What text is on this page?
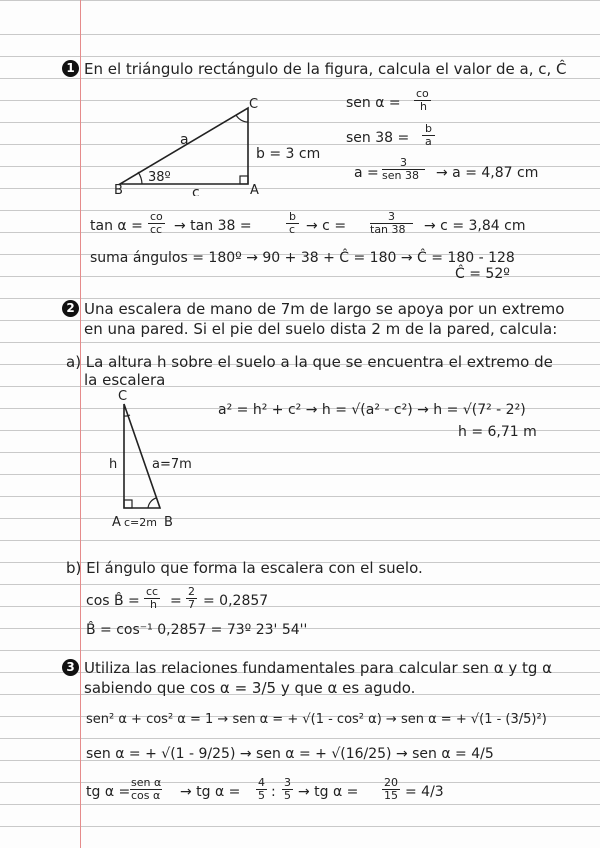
1 En el triángulo rectángulo de la figura, calcula el valor de a, c, Ĉ
C
B	A
a
b = 3 cm
c
38º
sen α =
co
h
sen 38 =
b
a
a =
3
sen 38 → a = 4,87 cm
tan α =
co
cc → tan 38 =
b
c → c =
3
tan 38 → c = 3,84 cm
suma ángulos = 180º → 90 + 38 + Ĉ = 180 → Ĉ = 180 - 128
Ĉ = 52º
2 Una escalera de mano de 7m de largo se apoya por un extremo
en una pared. Si el pie del suelo dista 2 m de la pared, calcula:
a) La altura h sobre el suelo a la que se encuentra el extremo de
la escalera
C
h	a=7m
A c=2m B
a² = h² + c² → h = √(a² - c²) → h = √(7² - 2²)
h = 6,71 m
b) El ángulo que forma la escalera con el suelo.
cos B̂ =
cc
h =
2
7 = 0,2857
B̂ = cos⁻¹ 0,2857 = 73º 23' 54''
3 Utiliza las relaciones fundamentales para calcular sen α y tg α
sabiendo que cos α = 3/5 y que α es agudo.
sen² α + cos² α = 1 → sen α = + √(1 - cos² α) → sen α = + √(1 - (3/5)²)
sen α = + √(1 - 9/25) → sen α = + √(16/25) → sen α = 4/5
tg α =
sen α
cos α → tg α =
4
5 :
3
5 → tg α =
20
15 = 4/3
